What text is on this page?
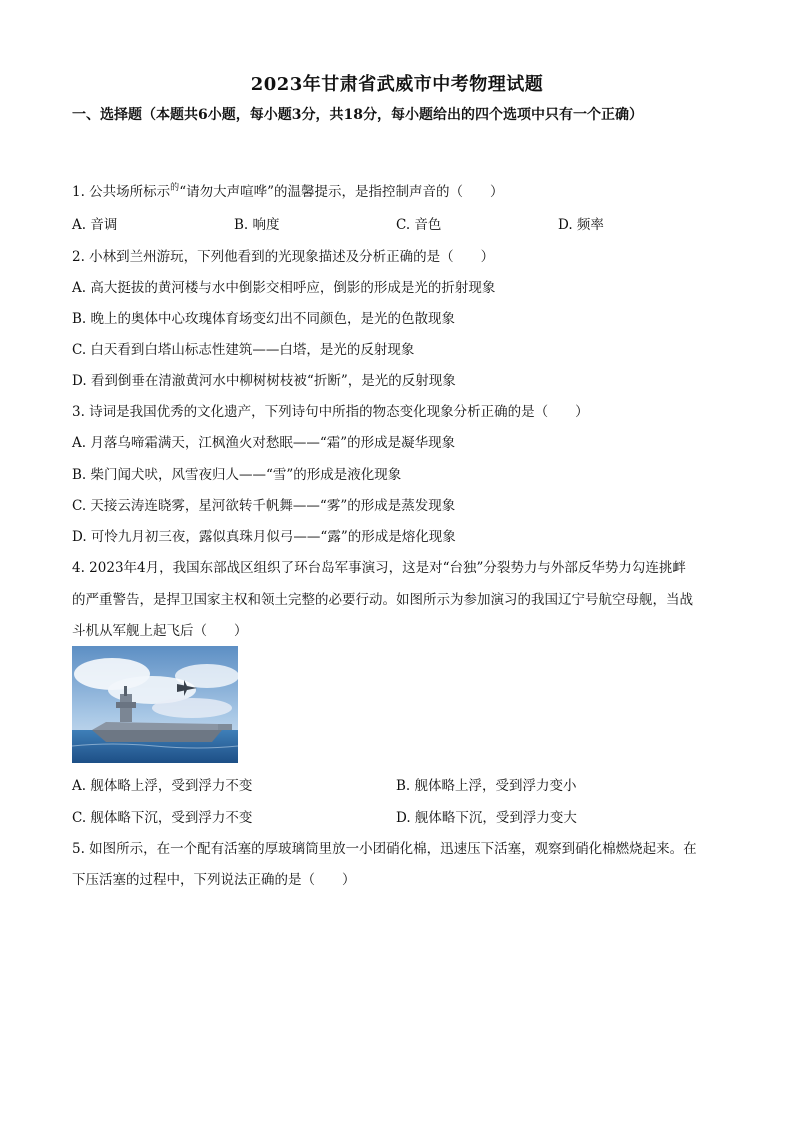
2023年甘肃省武威市中考物理试题
一、选择题（本题共6小题，每小题3分，共18分，每小题给出的四个选项中只有一个正确）
1. 公共场所标示$^的$“请勿大声喧哗”的温馨提示，是指控制声音的（　　）
A. 音调	B. 响度	C. 音色	D. 频率
2. 小林到兰州游玩，下列他看到的光现象描述及分析正确的是（　　）
A. 高大挺拔的黄河楼与水中倒影交相呼应，倒影的形成是光的折射现象
B. 晚上的奥体中心玫瑰体育场变幻出不同颜色，是光的色散现象
C. 白天看到白塔山标志性建筑——白塔，是光的反射现象
D. 看到倒垂在清澈黄河水中柳树树枝被“折断”，是光的反射现象
3. 诗词是我国优秀的文化遗产，下列诗句中所指的物态变化现象分析正确的是（　　）
A. 月落乌啼霜满天，江枫渔火对愁眠——“霜”的形成是凝华现象
B. 柴门闻犬吠，风雪夜归人——“雪”的形成是液化现象
C. 天接云涛连晓雾，星河欲转千帆舞——“雾”的形成是蒸发现象
D. 可怜九月初三夜，露似真珠月似弓——“露”的形成是熔化现象
4. 2023年4月，我国东部战区组织了环台岛军事演习，这是对“台独”分裂势力与外部反华势力勾连挑衅
的严重警告，是捍卫国家主权和领土完整的必要行动。如图所示为参加演习的我国辽宁号航空母舰，当战
斗机从军舰上起飞后（　　）
A. 舰体略上浮，受到浮力不变	B. 舰体略上浮，受到浮力变小
C. 舰体略下沉，受到浮力不变	D. 舰体略下沉，受到浮力变大
5. 如图所示，在一个配有活塞的厚玻璃筒里放一小团硝化棉，迅速压下活塞，观察到硝化棉燃烧起来。在
下压活塞的过程中，下列说法正确的是（　　）
